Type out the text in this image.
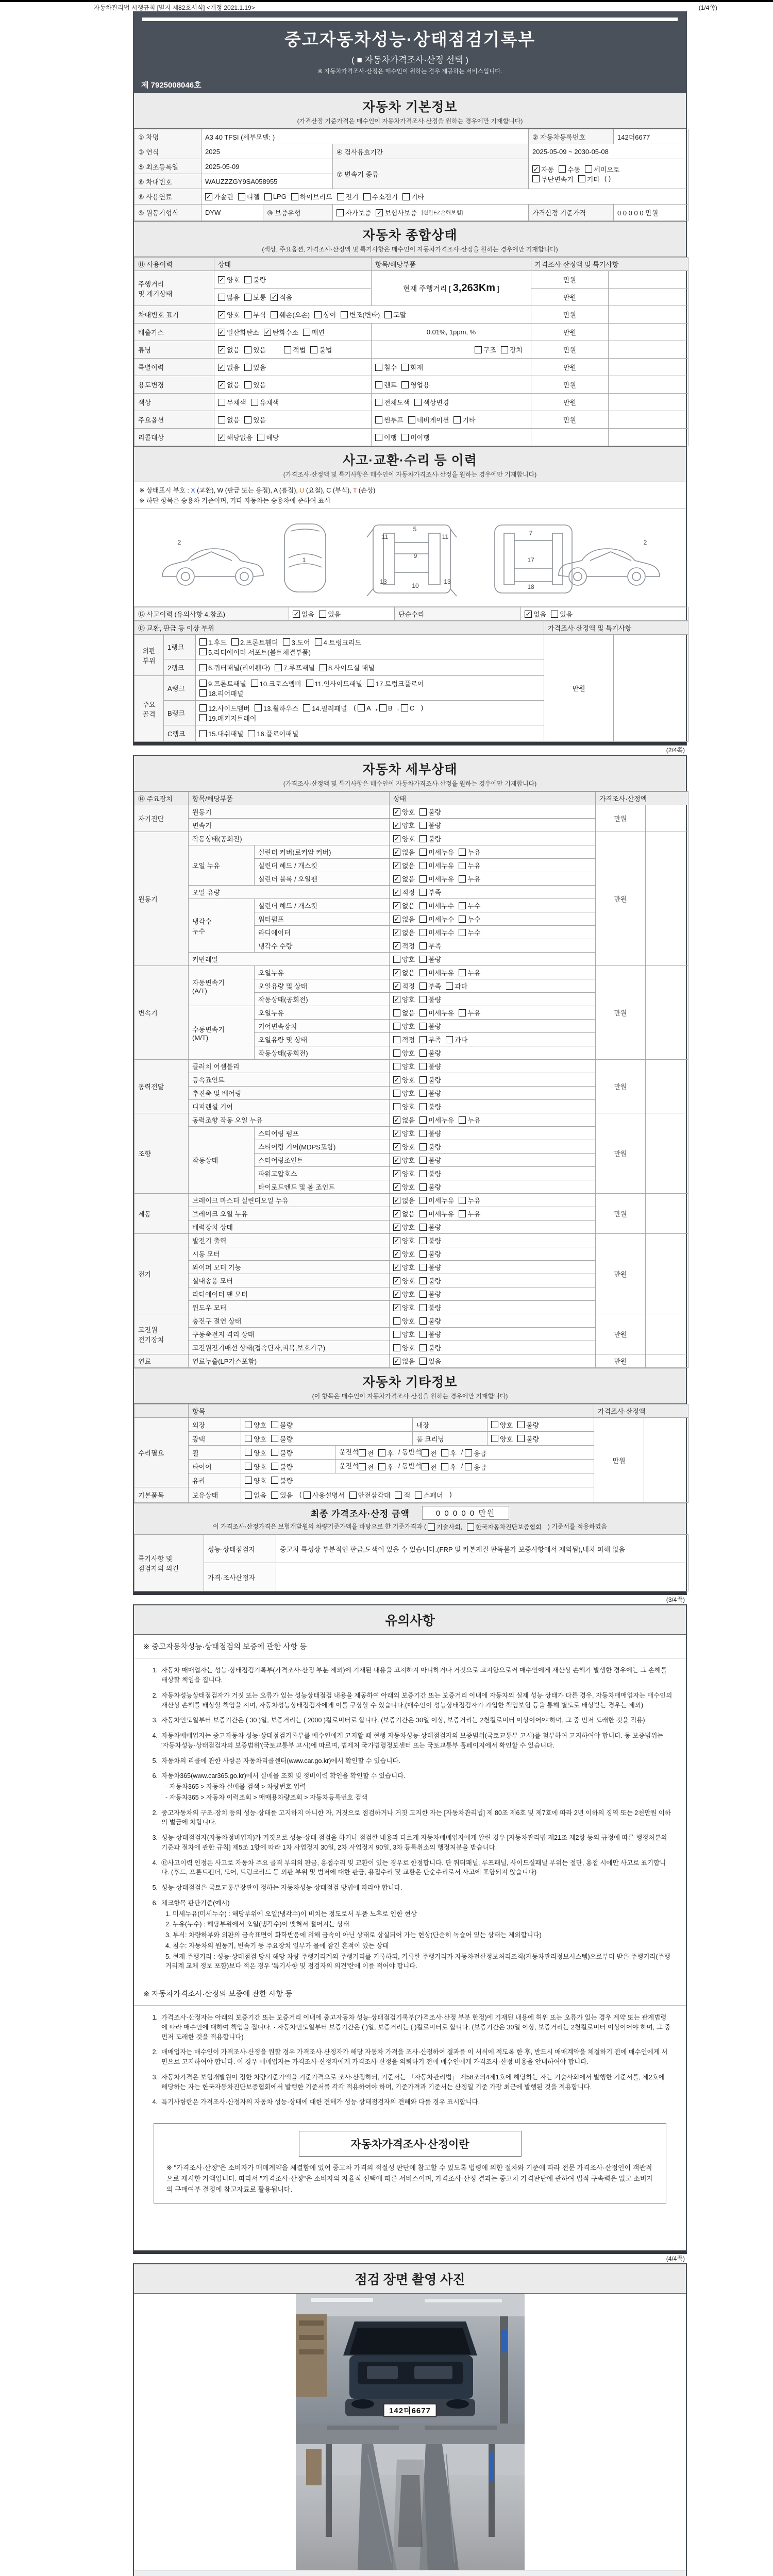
자동차관리법 시행규칙 [별지 제82호서식] <개정 2021.1.19>	(1/4쪽)
중고자동차성능·상태점검기록부
( ■ 자동차가격조사·산정 선택 )
※ 자동차가격조사·산정은 매수인이 원하는 경우 제공하는 서비스입니다.
제 7925008046호
자동차 기본정보
(가격산정 기준가격은 매수인이 자동차가격조사·산정을 원하는 경우에만 기재합니다)
① 차명	A3 40 TFSI (세부모델: )			② 자동차등록번호	142더6677
③ 연식	2025		④ 검사유효기간	2025-05-09 ~ 2030-05-08	
⑤ 최초등록일	2025-05-09	⑦ 변속기 종류	
✓ 자동 수동 세미오토

무단변속기 기타 ( )
⑥ 차대번호	WAUZZZGY9SA058955				
⑧ 사용연료	✓ 가솔린 디젤 LPG 하이브리드 전기 수소전기 기타

⑨ 원동기형식	DYW	⑩ 보증유형	자가보증 ✓ 보험사보증 [신한EZ손해보험]	가격산정 기준가격	0 0 0 0 0 만원
자동차 종합상태
(색상, 주요옵션, 가격조사·산정액 및 특기사항은 매수인이 자동차가격조사·산정을 원하는 경우에만 기재합니다)
⑪ 사용이력	상태	항목/해당부품	가격조사·산정액 및 특기사항	
주행거리
및 계기상태	✓ 양호 불량	현재 주행거리 [ 3,263Km ]	만원	

	많음 보통 ✓ 적음		만원	
차대번호 표기	✓ 양호 부식 훼손(오손) 상이 변조(변타) 도말	만원	
배출가스	✓ 일산화탄소 ✓ 탄화수소 매연	0.01%, 1ppm, %	만원	
튜닝	✓ 없음 있음 적법 불법	구조 장치	만원	
특별이력	✓ 없음 있음	침수 화재	만원	
용도변경	✓ 없음 있음	렌트 영업용	만원	
색상	무채색 유채색	전체도색 색상변경	만원	
주요옵션	없음 있음	썬루프 네비게이션 기타	만원	
리콜대상	✓ 해당없음 해당	이행 미이행		

사고·교환·수리 등 이력
(가격조사·산정액 및 특기사항은 매수인이 자동차가격조사·산정을 원하는 경우에만 기재합니다)
※ 상태표시 부호 : X (교환), W (판금 또는 용접), A (흠집), U (요철), C (부식), T (손상)
※ 하단 항목은 승용차 기준이며, 기타 자동차는 승용차에 준하여 표시
2
1
5
11	11
9
13	13
10
7
17
18
2
⑫ 사고이력 (유의사항 4.참조)	✓ 없음 있음	단순수리	✓ 없음 있음
⑬ 교환, 판금 등 이상 부위			가격조사·산정액 및 특기사항	
외판
부위	1랭크	1.후드 2.프론트휀더 3.도어 4.트렁크리드

5.라디에이터 서포트(볼트체결부품)	만원	
	2랭크	6.쿼터패널(리어휀다) 7.루프패널 8.사이드실 패널		

주요
골격	A랭크	9.프론트패널 10.크로스멤버 11.인사이드패널 17.트렁크플로어

18.리어패널		

B랭크	
12.사이드멤버 13.휠하우스 14.필러패널 ( A , B , C )

19.패키지트레이

	C랭크	15.대쉬패널 16.플로어패널		
(2/4쪽)
자동차 세부상태
(가격조사·산정액 및 특기사항은 매수인이 자동차가격조사·산정을 원하는 경우에만 기재합니다)
⑭ 주요장치	항목/해당부품		상태	가격조사·산정액	
자기진단	원동기		✓ 양호 불량	만원	
	변속기		✓ 양호 불량		

원동기	작동상태(공회전)		✓ 양호 불량	만원	
	오일 누유	실린더 커버(로커암 커버)	✓ 없음 미세누유 누유		

		실린더 헤드 / 개스킷	✓ 없음 미세누유 누유		

		실린더 블록 / 오일팬	✓ 없음 미세누유 누유		

	오일 유량		✓ 적정 부족		

	냉각수
누수	실린더 헤드 / 개스킷	✓ 없음 미세누수 누수		

		워터펌프	✓ 없음 미세누수 누수		

		라디에이터	✓ 없음 미세누수 누수		

		냉각수 수량	✓ 적정 부족		

	커먼레일		양호 불량		

변속기	자동변속기
(A/T)	오일누유	✓ 없음 미세누유 누유	만원	
		오일유량 및 상태	✓ 적정 부족 과다		

		작동상태(공회전)	✓ 양호 불량		

	수동변속기
(M/T)	오일누유	없음 미세누유 누유		

		기어변속장치	양호 불량		

		오일유량 및 상태	적정 부족 과다		

		작동상태(공회전)	양호 불량		

동력전달	클러치 어셈블리		양호 불량	만원	
	등속죠인트		✓ 양호 불량		

	추진축 및 베어링		양호 불량		

	디퍼렌셜 기어		양호 불량		

조향	동력조향 작동 오일 누유		✓ 없음 미세누유 누유	만원	
	작동상태	스티어링 펌프	✓ 양호 불량		

		스티어링 기어(MDPS포함)	✓ 양호 불량		

		스티어링조인트	✓ 양호 불량		

		파워고압호스	✓ 양호 불량		

		타이로드엔드 및 볼 조인트	✓ 양호 불량		

제동	브레이크 마스터 실린더오일 누유		✓ 없음 미세누유 누유	만원	
	브레이크 오일 누유		✓ 없음 미세누유 누유		

	배력장치 상태		✓ 양호 불량		

전기	발전기 출력		✓ 양호 불량	만원	
	시동 모터		✓ 양호 불량		

	와이퍼 모터 기능		✓ 양호 불량		

	실내송풍 모터		✓ 양호 불량		

	라디에이터 팬 모터		✓ 양호 불량		

	윈도우 모터		✓ 양호 불량		

고전원
전기장치	충전구 절연 상태		양호 불량	만원	
	구동축전지 격리 상태		양호 불량		

	고전원전기배선 상태(접속단자,피복,보호기구)		양호 불량		

연료	연료누출(LP가스포함)		✓ 없음 있음	만원	
자동차 기타정보
(이 항목은 매수인이 자동차가격조사·산정을 원하는 경우에만 기재합니다)
	항목					가격조사·산정액	
수리필요	외장	양호 불량		내장	양호 불량	만원	
	광택	양호 불량		룸 크리닝	양호 불량		

휠	양호 불량	운전석 전 후 / 동반석 전 후 / 응급

타이어	양호 불량	운전석 전 후 / 동반석 전 후 / 응급

	유리	양호 불량					

기본품목	보유상태	없음 있음 ( 사용설명서 안전삼각대 잭 스패너 )
최종 가격조사·산정 금액	0 0 0 0 0 만원
이 가격조사·산정가격은 보험개발원의 차량기준가액을 바탕으로 한 기준가격과 ( 기술사회, 한국자동차진단보증협회 ) 기준서를 적용하였음
특기사항 및
점검자의 의견	성능·상태점검자	중고차 특성상 부분적인 판금,도색이 있을 수 있습니다.(FRP 및 카본재질 판독불가 보증사항에서 제외됨),내차 피해 없음
	가격·조사산정자	
(3/4쪽)
유의사항
※ 중고자동차성능·상태점검의 보증에 관한 사항 등
1. 자동차 매매업자는 성능·상태점검기록부(가격조사·산정 부분 제외)에 기재된 내용을 고지하지 아니하거나 거짓으로 고지함으로써 매수인에게 재산상 손해가 발생한 경우에는 그 손해를 배상할 책임을 집니다.
2. 자동차성능상태점검자가 거짓 또는 오류가 있는 성능상태점검 내용을 제공하여 아래의 보증기간 또는 보증거리 이내에 자동차의 실제 성능·상태가 다른 경우, 자동차매매업자는 매수인의 재산상 손해를 배상할 책임을 지며, 자동차성능상태점검자에게 이를 구상할 수 있습니다.(매수인이 성능상태점검자가 가입한 책임보험 등을 통해 별도로 배상받는 경우는 제외)
3. 자동차인도일부터 보증기간은 ( 30 )일, 보증거리는 ( 2000 )킬로미터로 합니다. (보증기간은 30일 이상, 보증거리는 2천킬로미터 이상이어야 하며, 그 중 먼저 도래한 것을 적용)
4. 자동차매매업자는 중고자동차 성능·상태점검기록부를 매수인에게 고지할 때 현행 자동차성능·상태점검자의 보증범위(국토교통부 고시)를 첨부하여 고지하여야 합니다. 동 보증범위는 '자동차성능·상태점검자의 보증범위'(국토교통부 고시)에 따르며, 법제처 국가법령정보센터 또는 국토교통부 홈페이지에서 확인할 수 있습니다.
5. 자동차의 리콜에 관한 사항은 자동차리콜센터(www.car.go.kr)에서 확인할 수 있습니다.
6. 자동차365(www.car365.go.kr)에서 실매물 조회 및 정비이력 확인을 확인할 수 있습니다.
- 자동차365 > 자동차 실매물 검색 > 차량번호 입력
- 자동차365 > 자동차 이력조회 > 매매용차량조회 > 자동차등록번호 검색
2. 중고자동차의 구조·장치 등의 성능·상태를 고지하지 아니한 자, 거짓으로 점검하거나 거짓 고지한 자는 [자동차관리법] 제 80조 제6호 및 제7호에 따라 2년 이하의 징역 또는 2천만원 이하의 벌금에 처합니다.
3. 성능·상태점검자(자동차정비업자)가 거짓으로 성능·상태 점검을 하거나 점검한 내용과 다르게 자동차매매업자에게 알린 경우 [자동차관리법 제21조 제2항 등의 규정에 따른 행정처분의 기준과 절차에 관한 규칙] 제5조 1항에 따라 1차 사업정지 30일, 2차 사업정지 90일, 3차 등록취소의 행정처분을 받습니다.
4. ⑫사고이력 인정은 사고로 자동차 주요 골격 부위의 판금, 용접수리 및 교환이 있는 경우로 한정합니다. 단 쿼터패널, 루프패널, 사이드실패널 부위는 절단, 용접 시에만 사고로 표기합니다. (후드, 프론트펜더, 도어, 트렁크리드 등 외판 부위 및 범퍼에 대한 판금, 용접수리 및 교환은 단순수리로서 사고에 포함되지 않습니다)
5. 성능·상태점검은 국토교통부장관이 정하는 자동차성능·상태점검 방법에 따라야 합니다.
6. 체크항목 판단기준(예시)
1. 미세누유(미세누수) : 해당부위에 오일(냉각수)이 비치는 정도로서 부품 노후로 인한 현상
2. 누유(누수) : 해당부위에서 오일(냉각수)이 맺혀서 떨어지는 상태
3. 부식: 차량하부와 외판의 금속표면이 화학반응에 의해 금속이 아닌 상태로 상실되어 가는 현상(단순히 녹슬어 있는 상태는 제외합니다)
4. 침수: 자동차의 원동기, 변속기 등 주요장치 일부가 물에 잠긴 흔적이 있는 상태
5. 현재 주행거리 : 성능·상태점검 당시 해당 차량 주행거리계의 주행거리를 기록하되, 기록한 주행거리가 자동차전산정보처리조직(자동차관리정보시스템)으로부터 받은 주행거리(주행거리계 교체 정보 포함)보다 적은 경우 '특기사항 및 점검자의 의견'란에 이를 적어야 합니다.
※ 자동차가격조사·산정의 보증에 관한 사항 등
1. 가격조사·산정자는 아래의 보증기간 또는 보증거리 이내에 중고자동차 성능·상태점검기록부(가격조사·산정 부분 한정)에 기재된 내용에 허위 또는 오류가 있는 경우 계약 또는 관계법령에 따라 매수인에 대하여 책임을 집니다. · 자동차인도일부터 보증기간은 ( )일, 보증거리는 ( )킬로미터로 합니다. (보증기간은 30일 이상, 보증거리는 2천킬로미터 이상이어야 하며, 그 중 먼저 도래한 것을 적용합니다)
2. 매매업자는 매수인이 가격조사·산정을 원할 경우 가격조사·산정자가 해당 자동차 가격을 조사·산정하여 결과를 이 서식에 적도록 한 후, 반드시 매매계약을 체결하기 전에 매수인에게 서면으로 고지하여야 합니다. 이 경우 매매업자는 가격조사·산정자에게 가격조사·산정을 의뢰하기 전에 매수인에게 가격조사·산정 비용을 안내하여야 합니다.
3. 자동차가격은 보험개발원이 정한 차량기준가액을 기준가격으로 조사·산정하되, 기준서는 「자동차관리법」 제58조의4제1호에 해당하는 자는 기술사회에서 발행한 기준서를, 제2호에 해당하는 자는 한국자동차진단보증협회에서 발행한 기준서를 각각 적용하여야 하며, 기준가격과 기준서는 산정일 기준 가장 최근에 발행된 것을 적용합니다.
4. 특기사항란은 가격조사·산정자의 자동차 성능·상태에 대한 견해가 성능·상태점검자의 견해와 다를 경우 표시합니다.
자동차가격조사·산정이란
※ "가격조사·산정"은 소비자가 매매계약을 체결함에 있어 중고차 가격의 적절성 판단에 참고할 수 있도록 법령에 의한 절차와 기준에 따라 전문 가격조사·산정인이 객관적으로 제시한 가액입니다. 따라서 "가격조사·산정"은 소비자의 자율적 선택에 따른 서비스이며, 가격조사·산정 결과는 중고차 가격판단에 관하여 법적 구속력은 없고 소비자의 구매여부 결정에 참고자료로 활용됩니다.
(4/4쪽)
점검 장면 촬영 사진
142더6677
